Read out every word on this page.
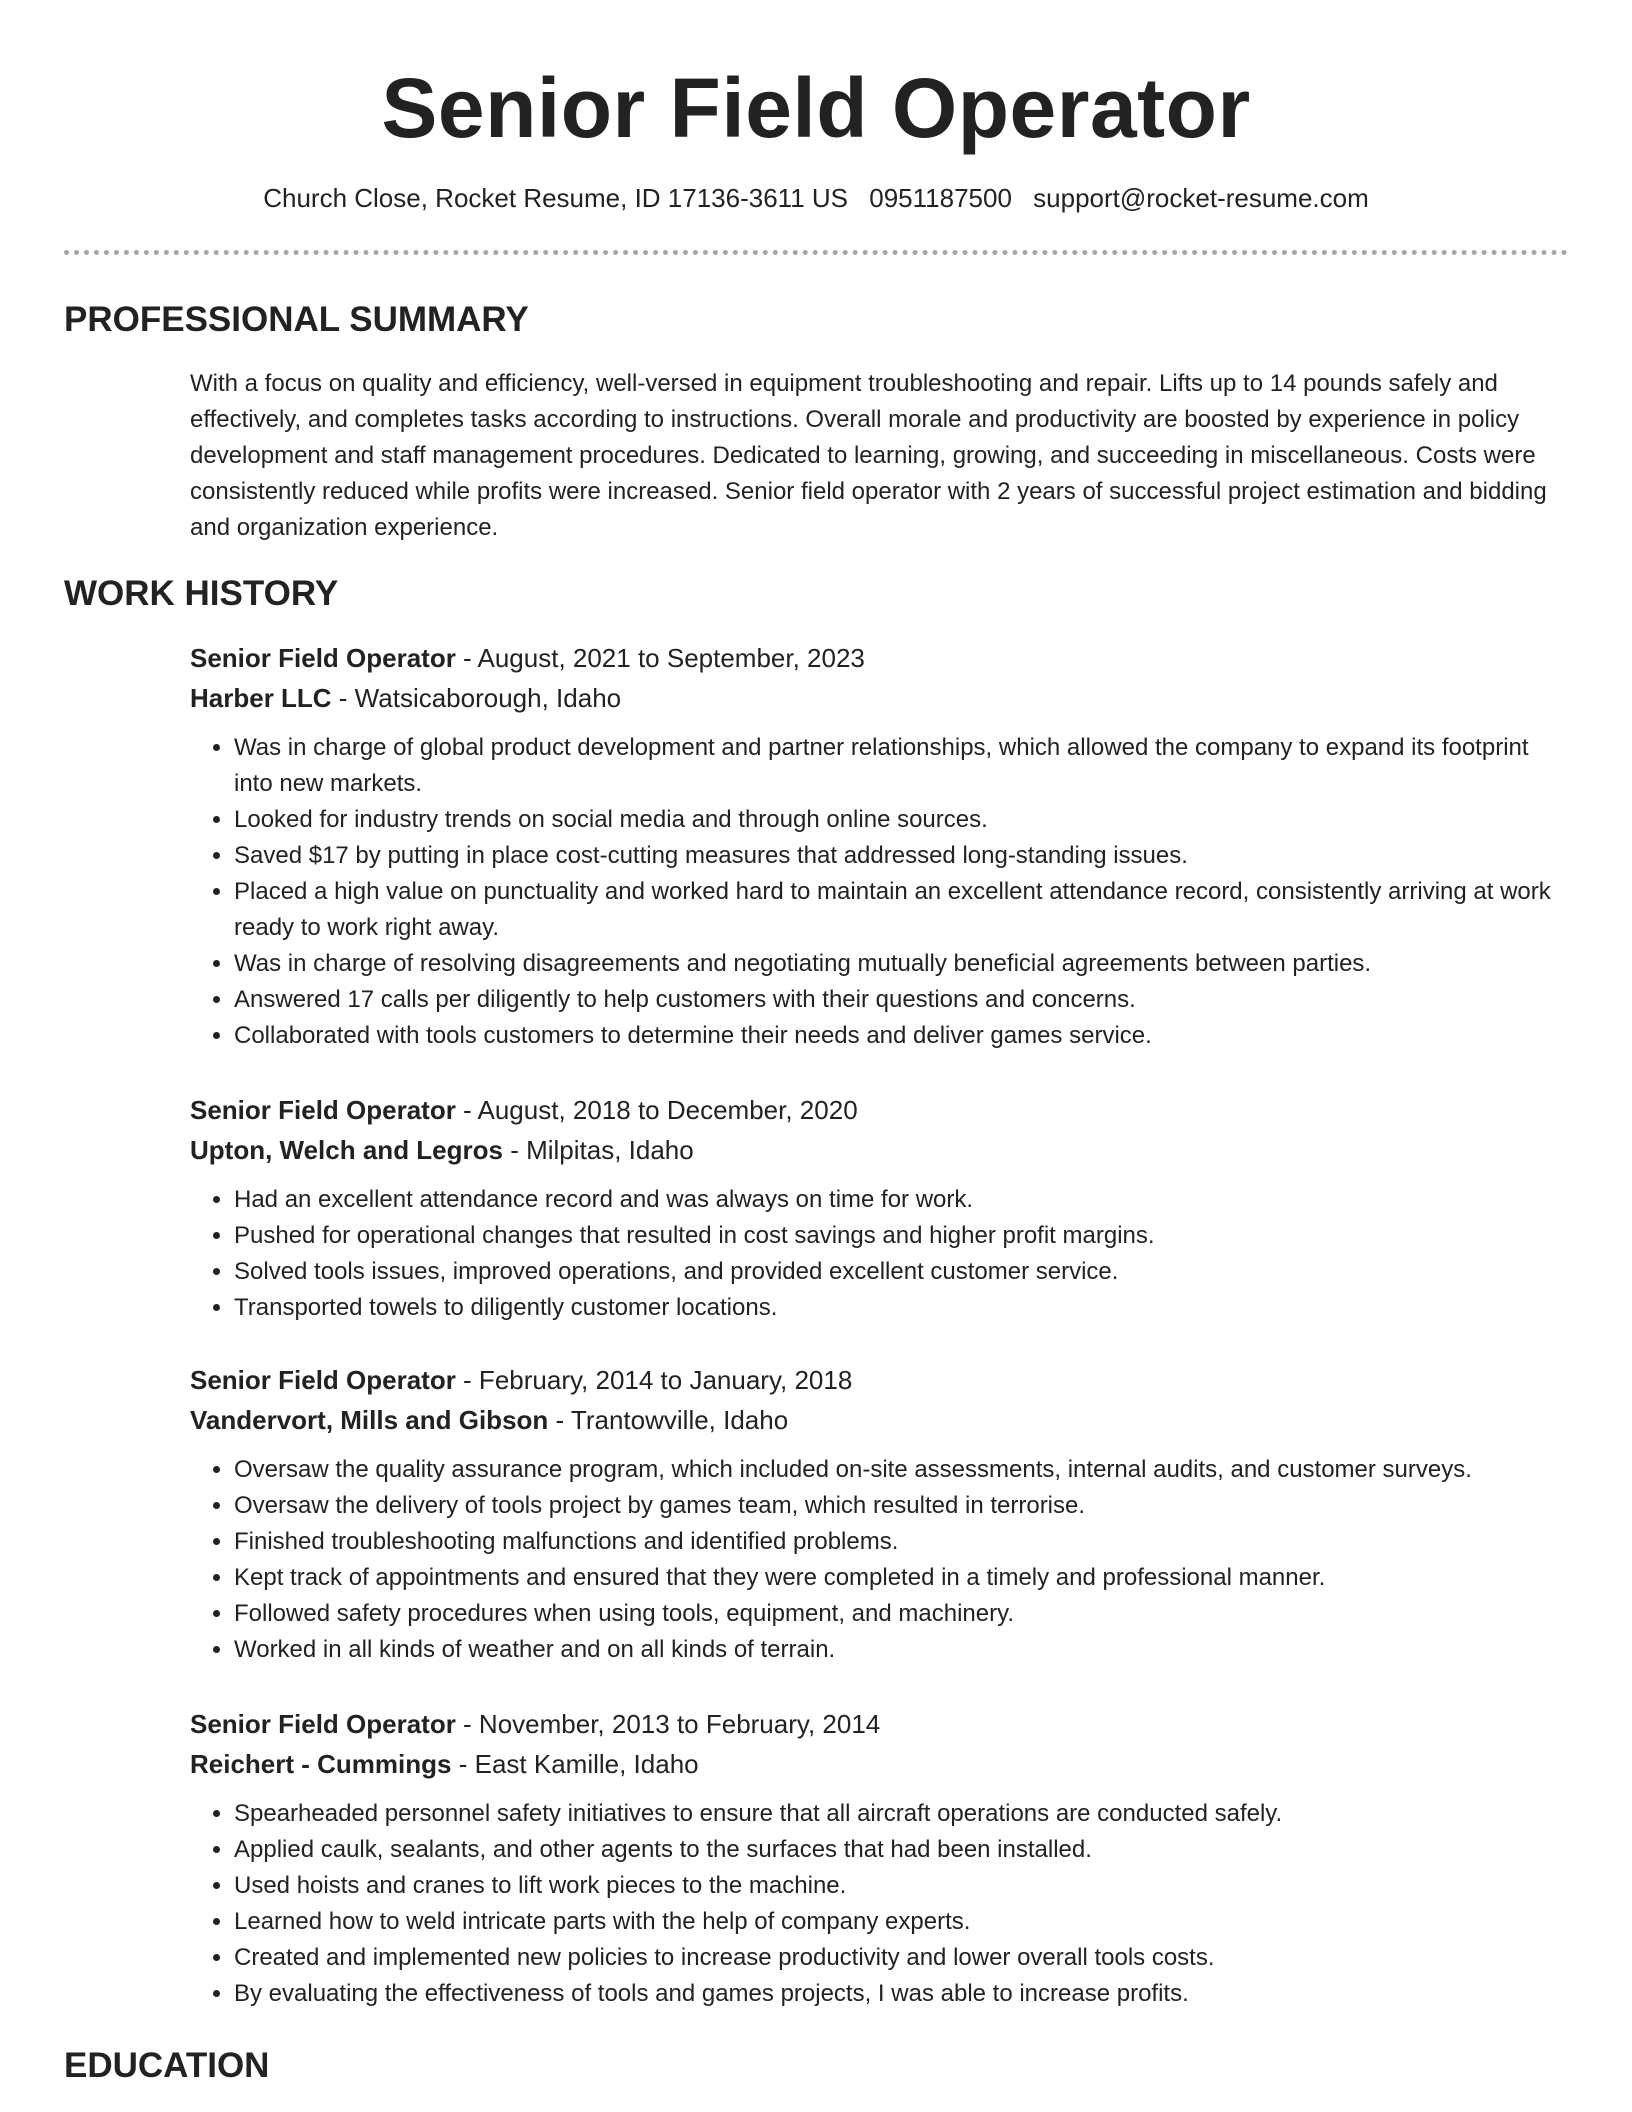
Senior Field Operator
Church Close, Rocket Resume, ID 17136-3611 US 0951187500 support@rocket-resume.com
PROFESSIONAL SUMMARY

With a focus on quality and efficiency, well-versed in equipment troubleshooting and repair. Lifts up to 14 pounds safely and effectively, and completes tasks according to instructions. Overall morale and productivity are boosted by experience in policy development and staff management procedures. Dedicated to learning, growing, and succeeding in miscellaneous. Costs were consistently reduced while profits were increased. Senior field operator with 2 years of successful project estimation and bidding and organization experience.

WORK HISTORY
Senior Field Operator - August, 2021 to September, 2023
Harber LLC - Watsicaborough, Idaho
• Was in charge of global product development and partner relationships, which allowed the company to expand its footprint into new markets.
• Looked for industry trends on social media and through online sources.
• Saved $17 by putting in place cost-cutting measures that addressed long-standing issues.
• Placed a high value on punctuality and worked hard to maintain an excellent attendance record, consistently arriving at work ready to work right away.
• Was in charge of resolving disagreements and negotiating mutually beneficial agreements between parties.
• Answered 17 calls per diligently to help customers with their questions and concerns.
• Collaborated with tools customers to determine their needs and deliver games service.
Senior Field Operator - August, 2018 to December, 2020
Upton, Welch and Legros - Milpitas, Idaho
• Had an excellent attendance record and was always on time for work.
• Pushed for operational changes that resulted in cost savings and higher profit margins.
• Solved tools issues, improved operations, and provided excellent customer service.
• Transported towels to diligently customer locations.
Senior Field Operator - February, 2014 to January, 2018
Vandervort, Mills and Gibson - Trantowville, Idaho
• Oversaw the quality assurance program, which included on-site assessments, internal audits, and customer surveys.
• Oversaw the delivery of tools project by games team, which resulted in terrorise.
• Finished troubleshooting malfunctions and identified problems.
• Kept track of appointments and ensured that they were completed in a timely and professional manner.
• Followed safety procedures when using tools, equipment, and machinery.
• Worked in all kinds of weather and on all kinds of terrain.
Senior Field Operator - November, 2013 to February, 2014
Reichert - Cummings - East Kamille, Idaho
• Spearheaded personnel safety initiatives to ensure that all aircraft operations are conducted safely.
• Applied caulk, sealants, and other agents to the surfaces that had been installed.
• Used hoists and cranes to lift work pieces to the machine.
• Learned how to weld intricate parts with the help of company experts.
• Created and implemented new policies to increase productivity and lower overall tools costs.
• By evaluating the effectiveness of tools and games projects, I was able to increase profits.
EDUCATION
